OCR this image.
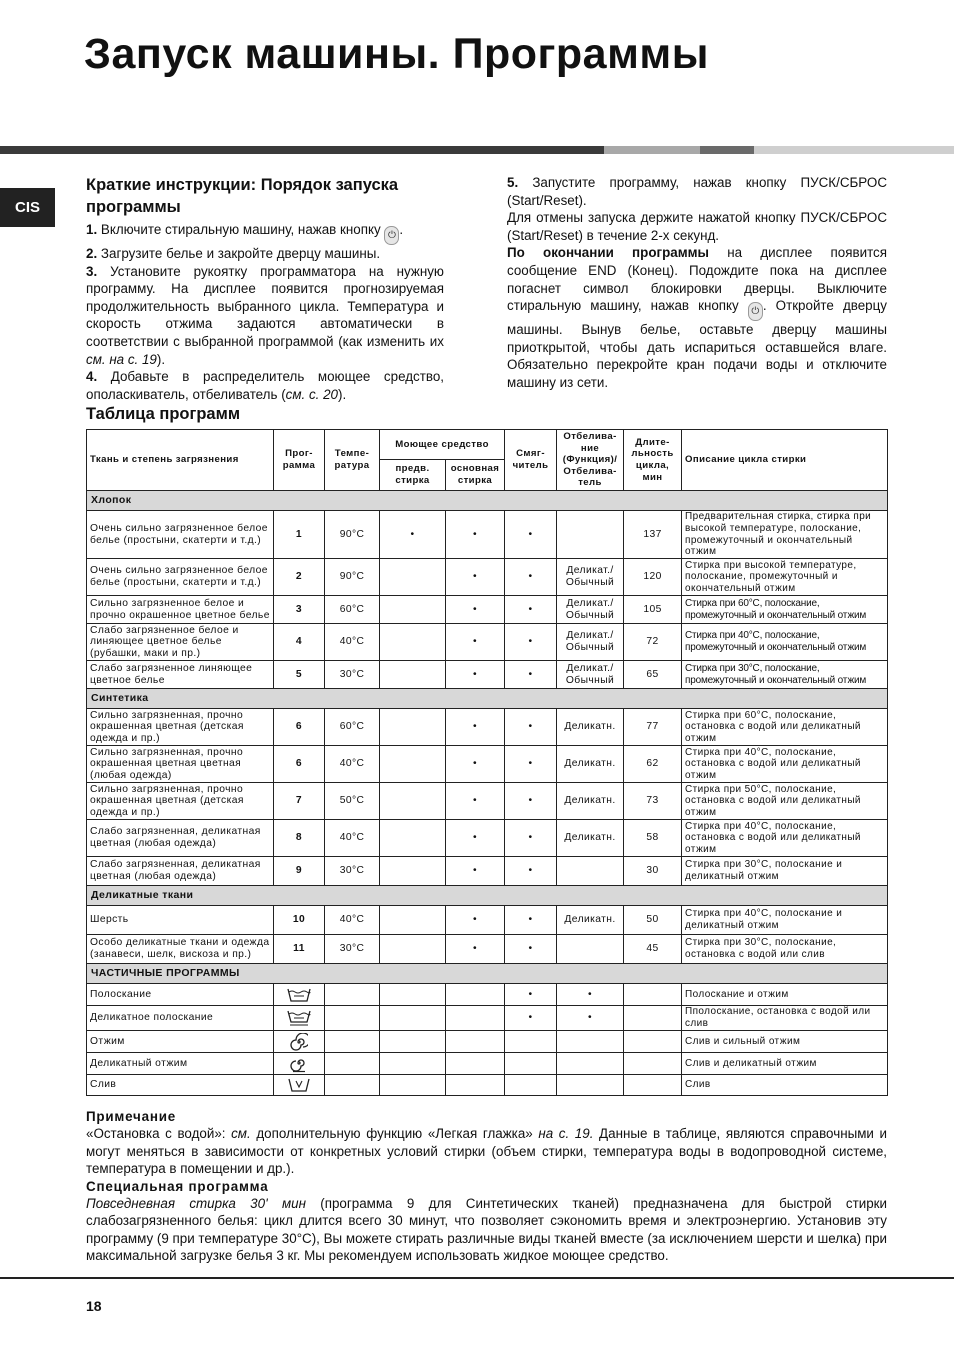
Запуск машины. Программы
CIS
Краткие инструкции: Порядок запуска программы
1. Включите стиральную машину, нажав кнопку ⏻ .
2. Загрузите белье и закройте дверцу машины.
3. Установите рукоятку программатора на нужную программу. На дисплее появится прогнозируемая продолжительность выбранного цикла. Температура и скорость отжима задаются автоматически в соответствии с выбранной программой (как изменить их см. на с. 19).
4. Добавьте в распределитель моющее средство, ополаскиватель, отбеливатель (см. с. 20).
5. Запустите программу, нажав кнопку ПУСК/СБРОС (Start/Reset).
Для отмены запуска держите нажатой кнопку ПУСК/СБРОС (Start/Reset) в течение 2-х секунд.
По окончании программы на дисплее появится сообщение END (Конец). Подождите пока на дисплее погаснет символ блокировки дверцы. Выключите стиральную машину, нажав кнопку ⏻ . Откройте дверцу машины. Вынув белье, оставьте дверцу машины приоткрытой, чтобы дать испариться оставшейся влаге. Обязательно перекройте кран подачи воды и отключите машину из сети.
Таблица программ
Ткань и степень загрязнения	Прог-рамма	Темпе-ратура	Моющее средство		Смяг-читель	Отбелива-ние (Функция)/ Отбелива-тель	Длите-льность цикла, мин	Описание цикла стирки
			предв. стирка	основная стирка				
Хлопок								
Очень сильно загрязненное белое белье (простыни, скатерти и т.д.)	1	90°C	•	•	•		137	Предварительная стирка, стирка при высокой температуре, полоскание, промежуточный и окончательный отжим
Очень сильно загрязненное белое белье (простыни, скатерти и т.д.)	2	90°C		•	•	Деликат./ Обычный	120	Стирка при высокой температуре, полоскание, промежуточный и окончательный отжим
Сильно загрязненное белое и прочно окрашенное цветное белье	3	60°C		•	•	Деликат./ Обычный	105	Стирка при 60°C, полоскание, промежуточный и окончательный отжим
Слабо загрязненное белое и линяющее цветное белье (рубашки, маки и пр.)	4	40°C		•	•	Деликат./ Обычный	72	Стирка при 40°C, полоскание, промежуточный и окончательный отжим
Слабо загрязненное линяющее цветное белье	5	30°C		•	•	Деликат./ Обычный	65	Стирка при 30°C, полоскание, промежуточный и окончательный отжим
Синтетика								
Сильно загрязненная, прочно окрашенная цветная (детская одежда и пр.)	6	60°C		•	•	Деликатн.	77	Стирка при 60°C, полоскание, остановка с водой или деликатный отжим
Сильно загрязненная, прочно окрашенная цветная цветная (любая одежда)	6	40°C		•	•	Деликатн.	62	Стирка при 40°C, полоскание, остановка с водой или деликатный отжим
Сильно загрязненная, прочно окрашенная цветная (детская одежда и пр.)	7	50°C		•	•	Деликатн.	73	Стирка при 50°C, полоскание, остановка с водой или деликатный отжим
Слабо загрязненная, деликатная цветная (любая одежда)	8	40°C		•	•	Деликатн.	58	Стирка при 40°C, полоскание, остановка с водой или деликатный отжим
Слабо загрязненная, деликатная цветная (любая одежда)	9	30°C		•	•		30	Стирка при 30°C, полоскание и деликатный отжим
Деликатные ткани								
Шерсть	10	40°C		•	•	Деликатн.	50	Стирка при 40°C, полоскание и деликатный отжим
Особо деликатные ткани и одежда (занавеси, шелк, вискоза и пр.)	11	30°C		•	•		45	Стирка при 30°C, полоскание, остановка с водой или слив
ЧАСТИЧНЫЕ ПРОГРАММЫ								
Полоскание					•	•		Полоскание и отжим
Деликатное полоскание					•	•		Пполоскание, остановка с водой или слив
Отжим								Слив и сильный отжим
Деликатный отжим								Слив и деликатный отжим
Слив								Слив
Примечание
«Остановка с водой»: см. дополнительную функцию «Легкая глажка» на с. 19. Данные в таблице, являются справочными и могут меняться в зависимости от конкретных условий стирки (объем стирки, температура воды в водопроводной системе, температура в помещении и др.).
Специальная программа
Повседневная стирка 30' мин (программа 9 для Синтетических тканей) предназначена для быстрой стирки слабозагрязненного белья: цикл длится всего 30 минут, что позволяет сэкономить время и электроэнергию. Установив эту программу (9 при температуре 30°C), Вы можете стирать различные виды тканей вместе (за исключением шерсти и шелка) при максимальной загрузке белья 3 кг. Мы рекомендуем использовать жидкое моющее средство.
18
